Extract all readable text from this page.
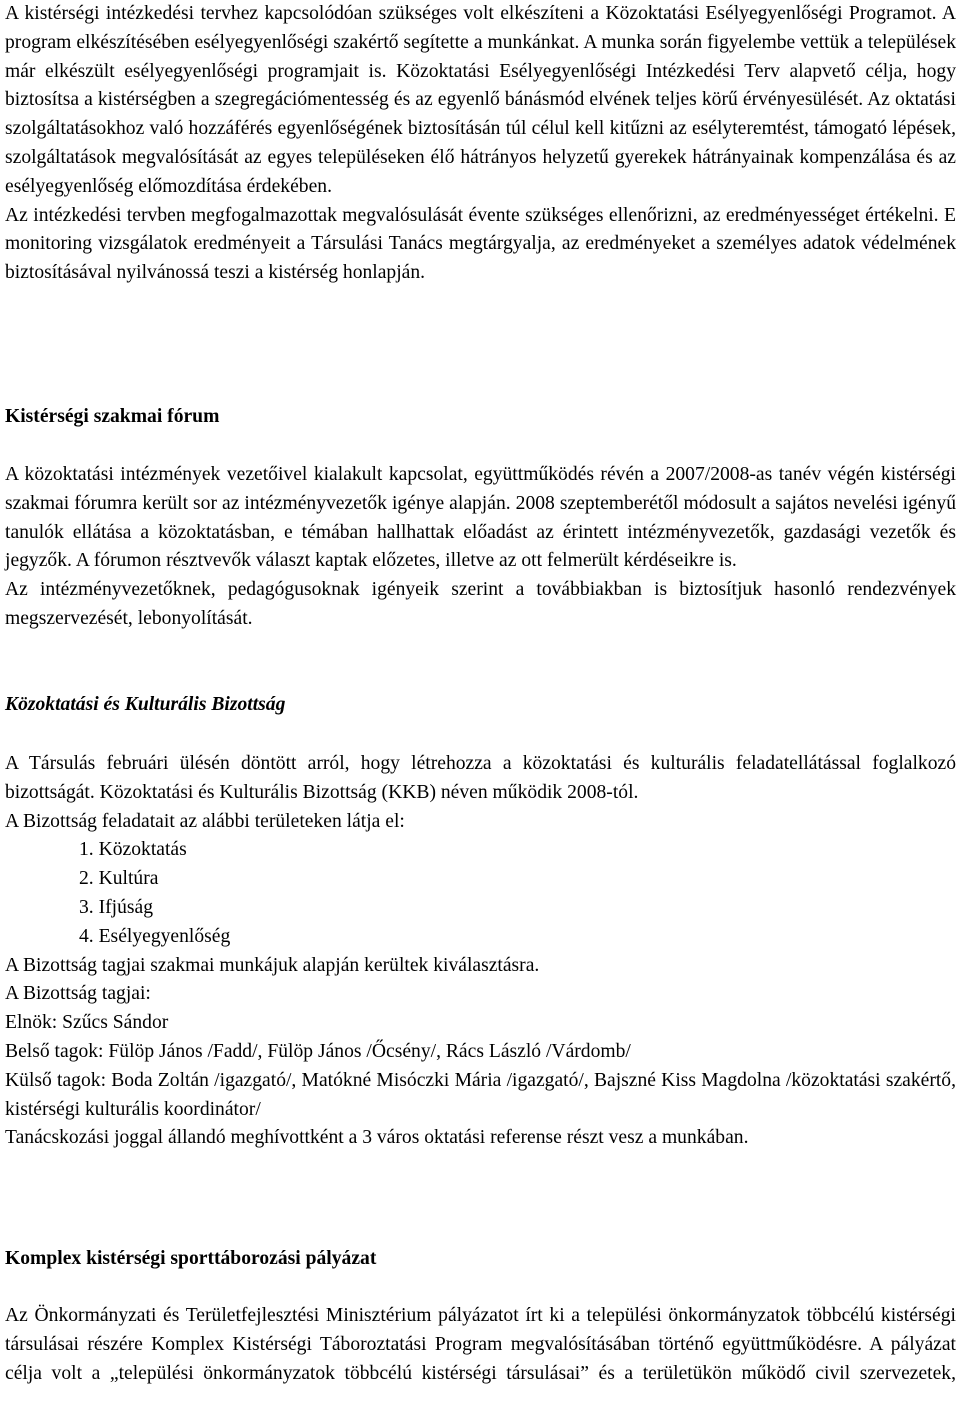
A kistérségi intézkedési tervhez kapcsolódóan szükséges volt elkészíteni a Közoktatási Esélyegyenlőségi Programot. A program elkészítésében esélyegyenlőségi szakértő segítette a munkánkat. A munka során figyelembe vettük a települések már elkészült esélyegyenlőségi programjait is. Közoktatási Esélyegyenlőségi Intézkedési Terv alapvető célja, hogy biztosítsa a kistérségben a szegregációmentesség és az egyenlő bánásmód elvének teljes körű érvényesülését. Az oktatási szolgáltatásokhoz való hozzáférés egyenlőségének biztosításán túl célul kell kitűzni az esélyteremtést, támogató lépések, szolgáltatások megvalósítását az egyes településeken élő hátrányos helyzetű gyerekek hátrányainak kompenzálása és az esélyegyenlőség előmozdítása érdekében.

Az intézkedési tervben megfogalmazottak megvalósulását évente szükséges ellenőrizni, az eredményességet értékelni. E monitoring vizsgálatok eredményeit a Társulási Tanács megtárgyalja, az eredményeket a személyes adatok védelmének biztosításával nyilvánossá teszi a kistérség honlapján.

Kistérségi szakmai fórum

A közoktatási intézmények vezetőivel kialakult kapcsolat, együttműködés révén a 2007/2008-as tanév végén kistérségi szakmai fórumra került sor az intézményvezetők igénye alapján. 2008 szeptemberétől módosult a sajátos nevelési igényű tanulók ellátása a közoktatásban, e témában hallhattak előadást az érintett intézményvezetők, gazdasági vezetők és jegyzők. A fórumon résztvevők választ kaptak előzetes, illetve az ott felmerült kérdéseikre is.

Az intézményvezetőknek, pedagógusoknak igényeik szerint a továbbiakban is biztosítjuk hasonló rendezvények megszervezését, lebonyolítását.

Közoktatási és Kulturális Bizottság

A Társulás februári ülésén döntött arról, hogy létrehozza a közoktatási és kulturális feladatellátással foglalkozó bizottságát. Közoktatási és Kulturális Bizottság (KKB) néven működik 2008-tól.

A Bizottság feladatait az alábbi területeken látja el:

1. Közoktatás
2. Kultúra
3. Ifjúság
4. Esélyegyenlőség

A Bizottság tagjai szakmai munkájuk alapján kerültek kiválasztásra.

A Bizottság tagjai:

Elnök: Szűcs Sándor

Belső tagok: Fülöp János /Fadd/, Fülöp János /Őcsény/, Rács László /Várdomb/

Külső tagok: Boda Zoltán /igazgató/, Matókné Misóczki Mária /igazgató/, Bajszné Kiss Magdolna /közoktatási szakértő, kistérségi kulturális koordinátor/

Tanácskozási joggal állandó meghívottként a 3 város oktatási referense részt vesz a munkában.

Komplex kistérségi sporttáborozási pályázat

Az Önkormányzati és Területfejlesztési Minisztérium pályázatot írt ki a települési önkormányzatok többcélú kistérségi társulásai részére Komplex Kistérségi Táboroztatási Program megvalósításában történő együttműködésre. A pályázat célja volt a „települési önkormányzatok többcélú kistérségi társulásai” és a területükön működő civil szervezetek,
